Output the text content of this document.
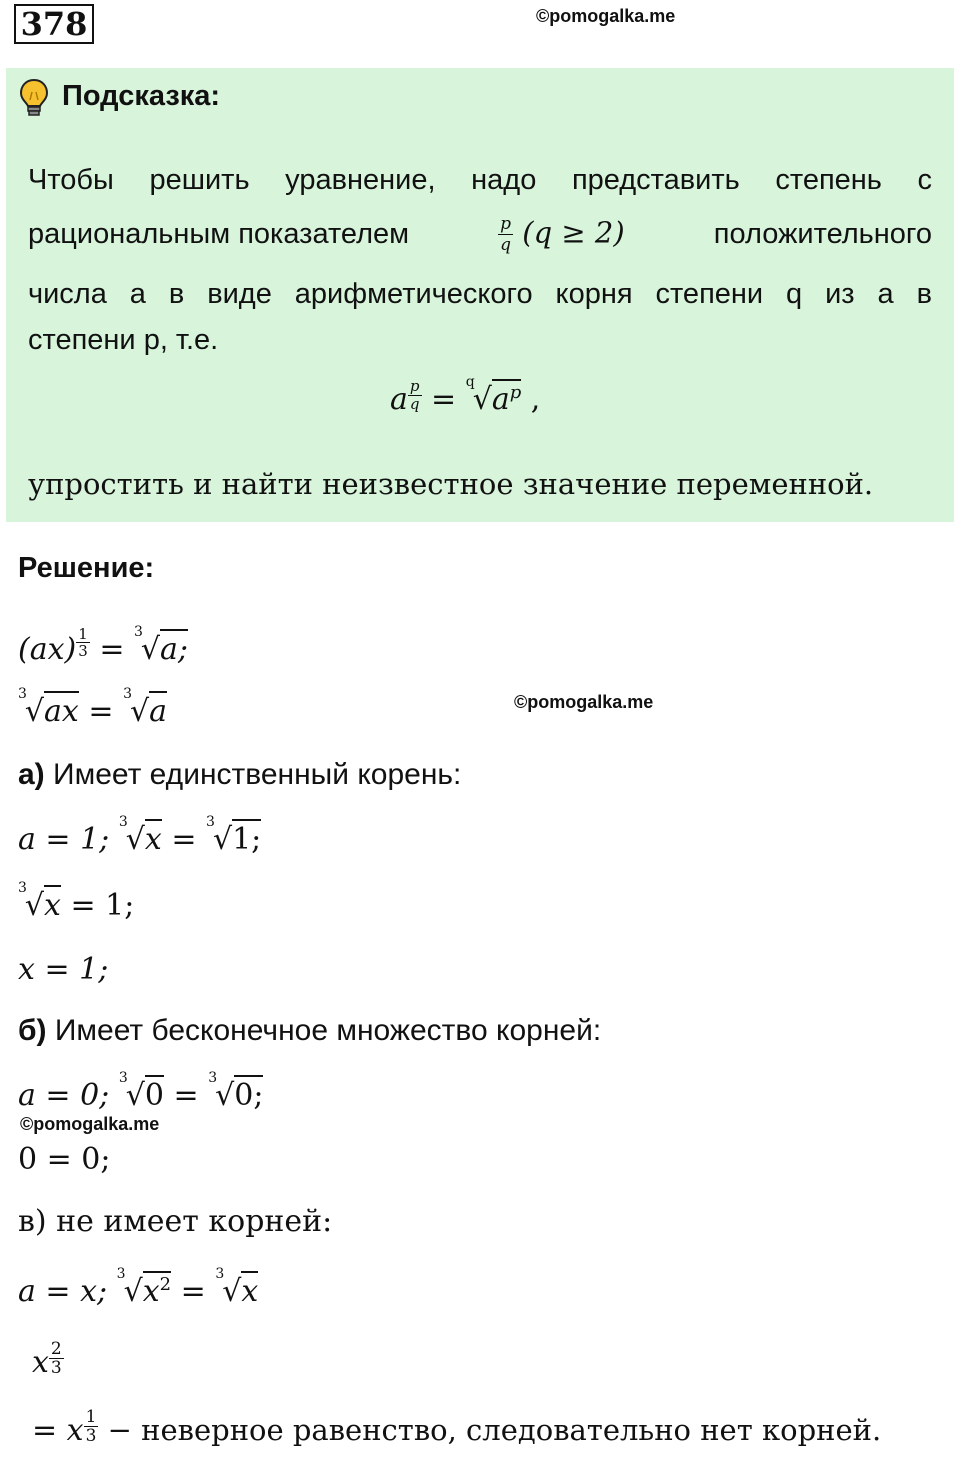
378	©pomogalka.me
Подсказка:
Чтобы решить уравнение, надо представить степень с
рациональным показателем	$\frac{p}{q} (q \ge 2)$	положительного
числа a в виде арифметического корня степени q из a в
степени р, т.е.
a $\frac{p}{q} = ^q√a^p$ ,
упростить и найти неизвестное значение переменной.
Решение:
$(ax) \frac{1}{3} = ^3√a$;
$^3$√ax = $^3$√a	©pomogalka.me
а) Имеет единственный корень:
a = 1; $^3$√x = $^3$√1;
$^3$√x = 1;
x = 1;
б) Имеет бесконечное множество корней:
a = 0; $^3$√0 = $^3$√0;
©pomogalka.me
0 = 0;
в) не имеет корней:
a = x; $^3√x^2 = ^3√x$
x $\frac{2}{3}$
= x $\frac{1}{3}$ − неверное равенство, следовательно нет корней.
